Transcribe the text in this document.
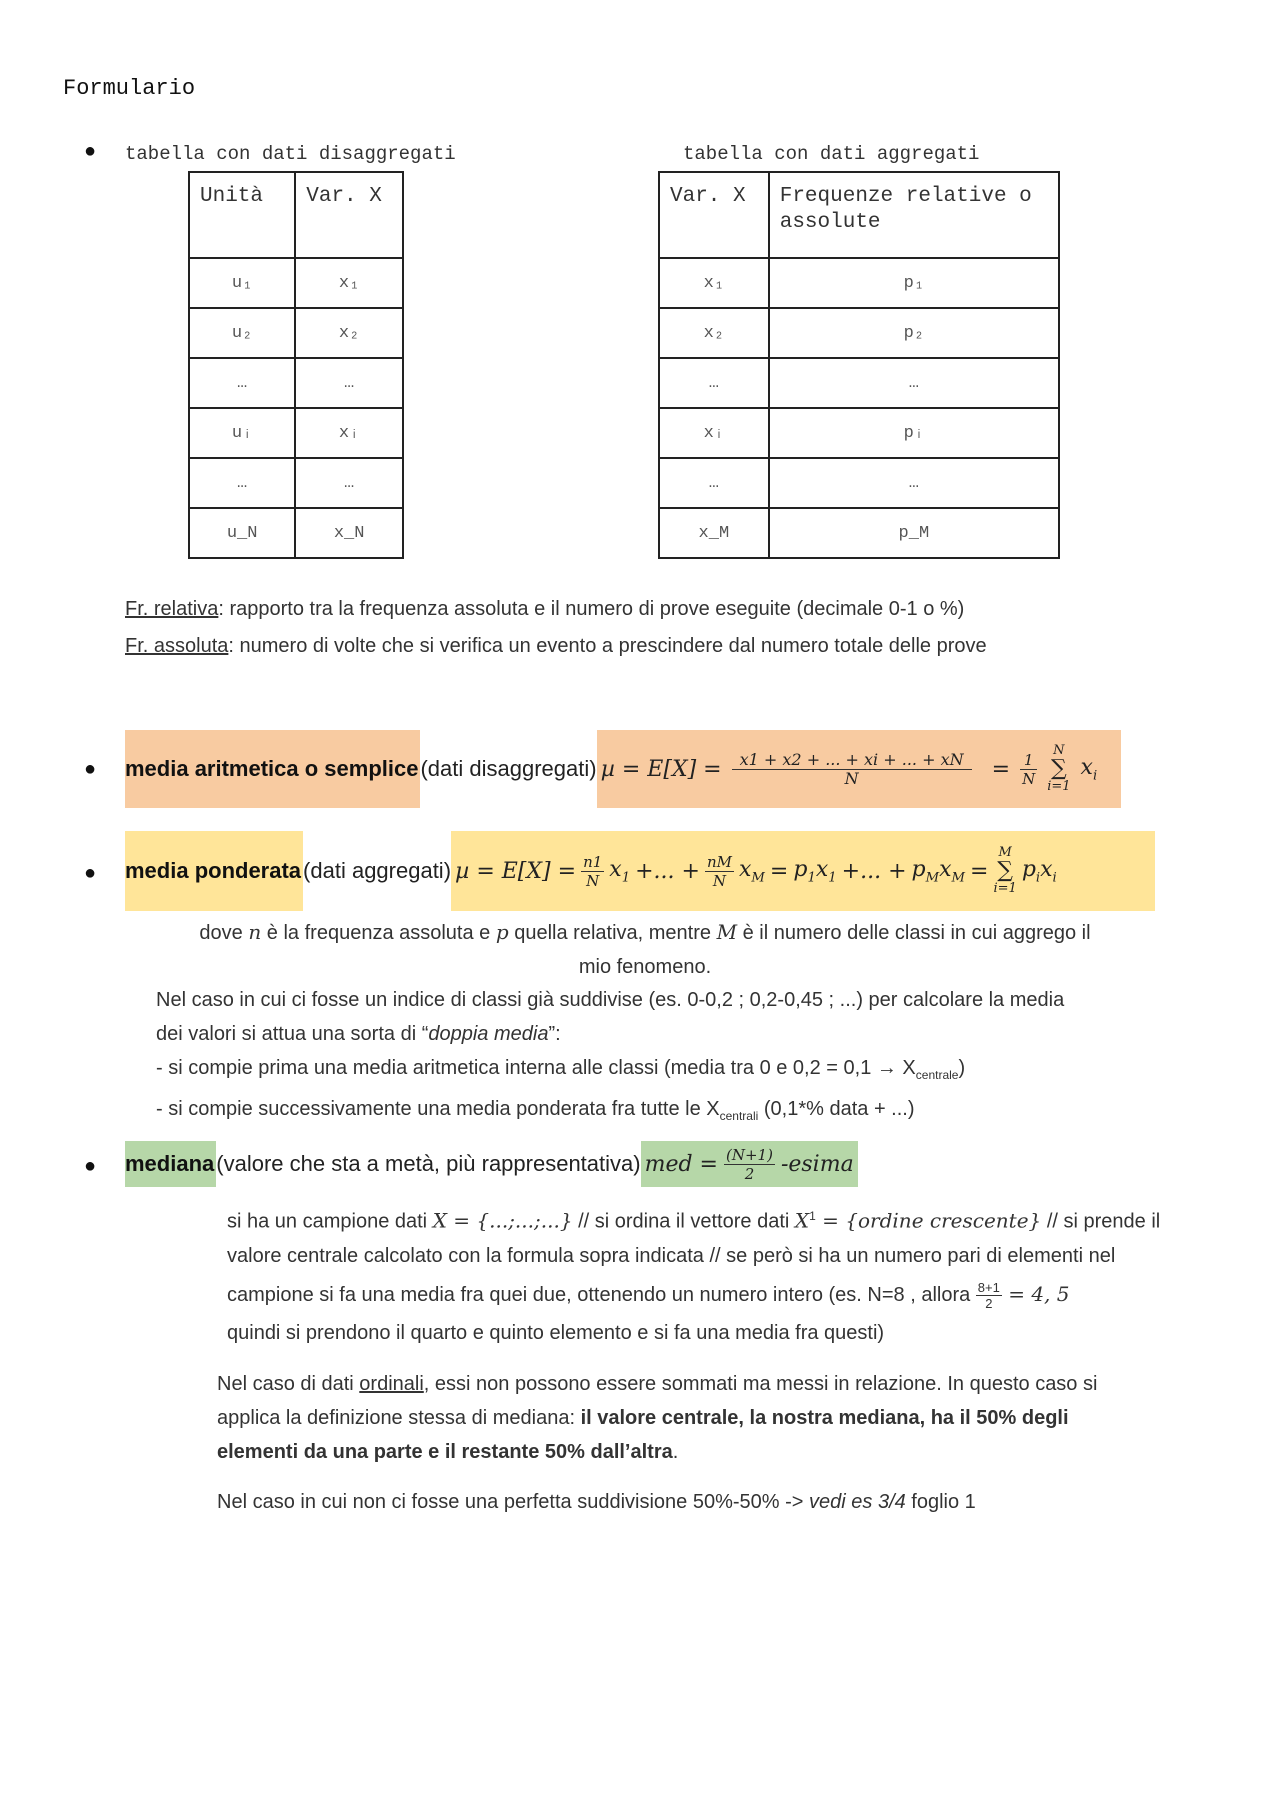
Formulario
● tabella con dati disaggregati	tabella con dati aggregati
Unità	Var. X
u₁	x₁
u₂	x₂
…	…
uᵢ	xᵢ
…	…
u_N	x_N
Var. X	Frequenze relative o assolute
x₁	p₁
x₂	p₂
…	…
xᵢ	pᵢ
…	…
x_M	p_M
Fr. relativa: rapporto tra la frequenza assoluta e il numero di prove eseguite (decimale 0-1 o %)
Fr. assoluta: numero di volte che si verifica un evento a prescindere dal numero totale delle prove
● media aritmetica o semplice (dati disaggregati) $\mu = E[X] = \frac{x1 + x2 + ... + xi + ... + xN}{N} = \frac{1}{N}$	N
∑
i=1
$x_i$
● media ponderata (dati aggregati) $\mu = E[X] = \frac{n1}{N} x_1$ +... + $\frac{nM}{N} x_M = p_1x_1$ +... + $p_Mx_M$ =
M
∑
i=1
$p_ix_i$
dove n è la frequenza assoluta e p quella relativa, mentre M è il numero delle classi in cui aggrego il
mio fenomeno.
Nel caso in cui ci fosse un indice di classi già suddivise (es. 0-0,2 ; 0,2-0,45 ; ...) per calcolare la media
dei valori si attua una sorta di “doppia media”:
- si compie prima una media aritmetica interna alle classi (media tra 0 e $0,2 = 0,1 \to X_{centrale}$)
- si compie successivamente una media ponderata fra tutte le $X_{centrali}$ (0,1*% data + ...)
● mediana (valore che sta a metà, più rappresentativa) med = $\frac{(N+1)}{2}$ -esima
si ha un campione dati X = {...;...;...} // si ordina il vettore dati $X^1$ = {ordine crescente} // si prende il
valore centrale calcolato con la formula sopra indicata // se però si ha un numero pari di elementi nel
campione si fa una media fra quei due, ottenendo un numero intero (es. N=8 , allora $\frac{8+1}{2} = 4$, 5
quindi si prendono il quarto e quinto elemento e si fa una media fra questi)
Nel caso di dati ordinali, essi non possono essere sommati ma messi in relazione. In questo caso si
applica la definizione stessa di mediana: il valore centrale, la nostra mediana, ha il 50% degli
elementi da una parte e il restante 50% dall’altra.
Nel caso in cui non ci fosse una perfetta suddivisione 50%-50% -> vedi es 3/4 foglio 1
